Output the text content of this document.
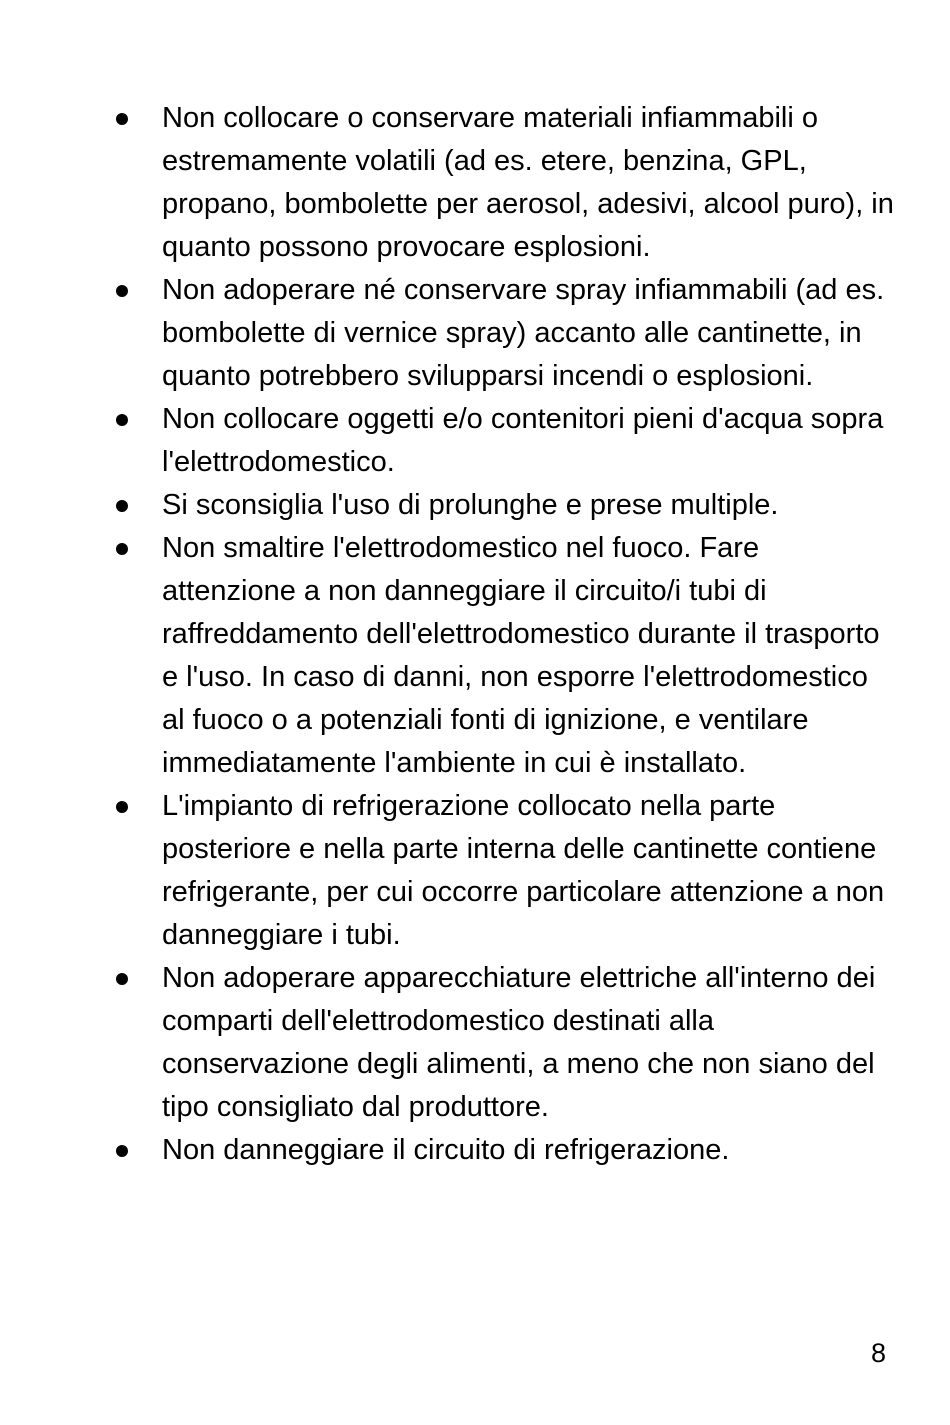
Non collocare o conservare materiali infiammabili o estremamente volatili (ad es. etere, benzina, GPL, propano, bombolette per aerosol, adesivi, alcool puro), in quanto possono provocare esplosioni.
Non adoperare né conservare spray infiammabili (ad es. bombolette di vernice spray) accanto alle cantinette, in quanto potrebbero svilupparsi incendi o esplosioni.
Non collocare oggetti e/o contenitori pieni d'acqua sopra l'elettrodomestico.
Si sconsiglia l'uso di prolunghe e prese multiple.
Non smaltire l'elettrodomestico nel fuoco. Fare attenzione a non danneggiare il circuito/i tubi di raffreddamento dell'elettrodomestico durante il trasporto e l'uso. In caso di danni, non esporre l'elettrodomestico al fuoco o a potenziali fonti di ignizione, e ventilare immediatamente l'ambiente in cui è installato.
L'impianto di refrigerazione collocato nella parte posteriore e nella parte interna delle cantinette contiene refrigerante, per cui occorre particolare attenzione a non danneggiare i tubi.
Non adoperare apparecchiature elettriche all'interno dei comparti dell'elettrodomestico destinati alla conservazione degli alimenti, a meno che non siano del tipo consigliato dal produttore.
Non danneggiare il circuito di refrigerazione.
8
